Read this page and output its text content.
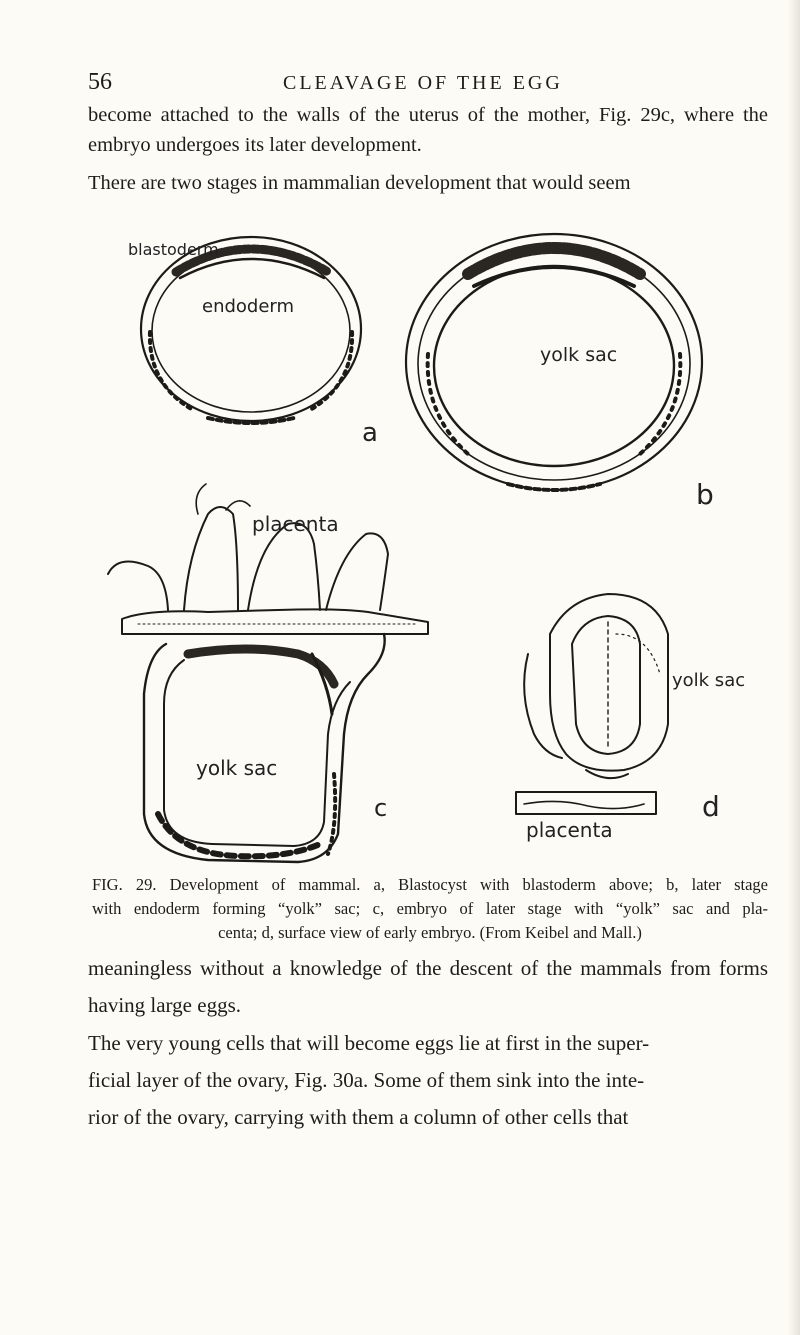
56	CLEAVAGE OF THE EGG

become attached to the walls of the uterus of the mother, Fig. 29c, where the embryo undergoes its later development.

There are two stages in mammalian development that would seem

blastoderm
endoderm
a
yolk sac
b
placenta
yolk sac
c
yolk sac
placenta
d
FIG. 29. Development of mammal. a, Blastocyst with blastoderm above; b, later stage
with endoderm forming “yolk” sac; c, embryo of later stage with “yolk” sac and pla-
centa; d, surface view of early embryo. (From Keibel and Mall.)

meaningless without a knowledge of the descent of the mammals from forms having large eggs.

The very young cells that will become eggs lie at first in the super-
ficial layer of the ovary, Fig. 30a. Some of them sink into the inte-
rior of the ovary, carrying with them a column of other cells that
